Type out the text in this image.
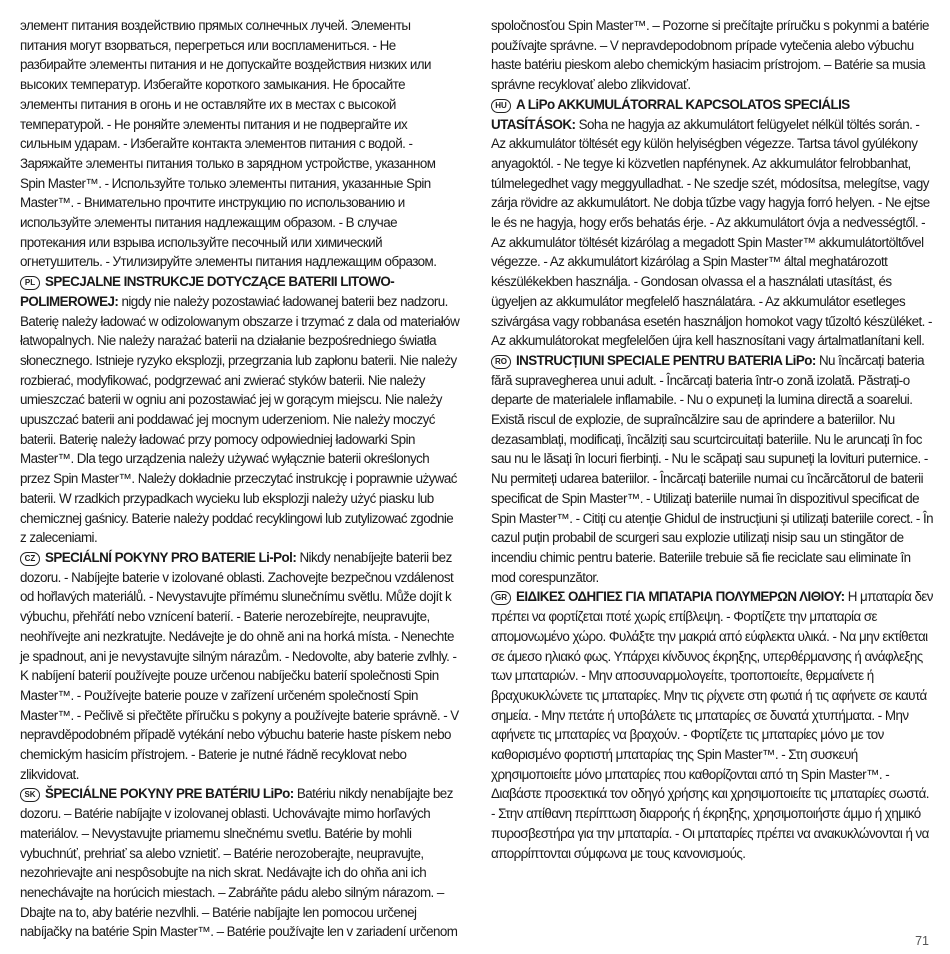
элемент питания воздействию прямых солнечных лучей. Элементы питания могут взорваться, перегреться или воспламениться. - Не разбирайте элементы питания и не допускайте воздействия низких или высоких температур. Избегайте короткого замыкания. Не бросайте элементы питания в огонь и не оставляйте их в местах с высокой температурой. - Не роняйте элементы питания и не подвергайте их сильным ударам. - Избегайте контакта элементов питания с водой. - Заряжайте элементы питания только в зарядном устройстве, указанном Spin Master™. - Используйте только элементы питания, указанные Spin Master™. - Внимательно прочтите инструкцию по использованию и используйте элементы питания надлежащим образом. - В случае протекания или взрыва используйте песочный или химический огнетушитель. - Утилизируйте элементы питания надлежащим образом.

PL SPECJALNE INSTRUKCJE DOTYCZĄCE BATERII LITOWO-POLIMEROWEJ: nigdy nie należy pozostawiać ładowanej baterii bez nadzoru. Baterię należy ładować w odizolowanym obszarze i trzymać z dala od materiałów łatwopalnych. Nie należy narażać baterii na działanie bezpośredniego światła słonecznego. Istnieje ryzyko eksplozji, przegrzania lub zapłonu baterii. Nie należy rozbierać, modyfikować, podgrzewać ani zwierać styków baterii. Nie należy umieszczać baterii w ogniu ani pozostawiać jej w gorącym miejscu. Nie należy upuszczać baterii ani poddawać jej mocnym uderzeniom. Nie należy moczyć baterii. Baterię należy ładować przy pomocy odpowiedniej ładowarki Spin Master™. Dla tego urządzenia należy używać wyłącznie baterii określonych przez Spin Master™. Należy dokładnie przeczytać instrukcję i poprawnie używać baterii. W rzadkich przypadkach wycieku lub eksplozji należy użyć piasku lub chemicznej gaśnicy. Baterie należy poddać recyklingowi lub zutylizować zgodnie z zaleceniami.

CZ SPECIÁLNÍ POKYNY PRO BATERIE Li-Pol: Nikdy nenabíjejte baterii bez dozoru. - Nabíjejte baterie v izolované oblasti. Zachovejte bezpečnou vzdálenost od hořlavých materiálů. - Nevystavujte přímému slunečnímu světlu. Může dojít k výbuchu, přehřátí nebo vznícení baterií. - Baterie nerozebírejte, neupravujte, neohřívejte ani nezkratujte. Nedávejte je do ohně ani na horká místa. - Nenechte je spadnout, ani je nevystavujte silným nárazům. - Nedovolte, aby baterie zvlhly. - K nabíjení baterií používejte pouze určenou nabíječku baterií společnosti Spin Master™. - Používejte baterie pouze v zařízení určeném společností Spin Master™. - Pečlivě si přečtěte příručku s pokyny a používejte baterie správně. - V nepravděpodobném případě vytékání nebo výbuchu baterie haste pískem nebo chemickým hasicím přístrojem. - Baterie je nutné řádně recyklovat nebo zlikvidovat.

SK ŠPECIÁLNE POKYNY PRE BATÉRIU LiPo: Batériu nikdy nenabíjajte bez dozoru. – Batérie nabíjajte v izolovanej oblasti. Uchovávajte mimo horľavých materiálov. – Nevystavujte priamemu slnečnému svetlu. Batérie by mohli vybuchnúť, prehriať sa alebo vznietiť. – Batérie nerozoberajte, neupravujte, nezohrievajte ani nespôsobujte na nich skrat. Nedávajte ich do ohňa ani ich nenechávajte na horúcich miestach. – Zabráňte pádu alebo silným nárazom. – Dbajte na to, aby batérie nezvlhli. – Batérie nabíjajte len pomocou určenej nabíjačky na batérie Spin Master™. – Batérie používajte len v zariadení určenom

spoločnosťou Spin Master™. – Pozorne si prečítajte príručku s pokynmi a batérie používajte správne. – V nepravdepodobnom prípade vytečenia alebo výbuchu haste batériu pieskom alebo chemickým hasiacim prístrojom. – Batérie sa musia správne recyklovať alebo zlikvidovať.

HU A LiPo AKKUMULÁTORRAL KAPCSOLATOS SPECIÁLIS UTASÍTÁSOK: Soha ne hagyja az akkumulátort felügyelet nélkül töltés során. - Az akkumulátor töltését egy külön helyiségben végezze. Tartsa távol gyúlékony anyagoktól. - Ne tegye ki közvetlen napfénynek. Az akkumulátor felrobbanhat, túlmelegedhet vagy meggyulladhat. - Ne szedje szét, módosítsa, melegítse, vagy zárja rövidre az akkumulátort. Ne dobja tűzbe vagy hagyja forró helyen. - Ne ejtse le és ne hagyja, hogy erős behatás érje. - Az akkumulátort óvja a nedvességtől. - Az akkumulátor töltését kizárólag a megadott Spin Master™ akkumulátortöltővel végezze. - Az akkumulátort kizárólag a Spin Master™ által meghatározott készülékekben használja. - Gondosan olvassa el a használati utasítást, és ügyeljen az akkumulátor megfelelő használatára. - Az akkumulátor esetleges szivárgása vagy robbanása esetén használjon homokot vagy tűzoltó készüléket. - Az akkumulátorokat megfelelően újra kell hasznosítani vagy ártalmatlanítani kell.

RO INSTRUCȚIUNI SPECIALE PENTRU BATERIA LiPo: Nu încărcați bateria fără supravegherea unui adult. - Încărcați bateria într-o zonă izolată. Păstrați-o departe de materialele inflamabile. - Nu o expuneți la lumina directă a soarelui. Există riscul de explozie, de supraîncălzire sau de aprindere a bateriilor. Nu dezasamblați, modificați, încălziți sau scurtcircuitați bateriile. Nu le aruncați în foc sau nu le lăsați în locuri fierbinți. - Nu le scăpați sau supuneți la lovituri puternice. - Nu permiteți udarea bateriilor. - Încărcați bateriile numai cu încărcătorul de baterii specificat de Spin Master™. - Utilizați bateriile numai în dispozitivul specificat de Spin Master™. - Citiți cu atenție Ghidul de instrucțiuni și utilizați bateriile corect. - În cazul puțin probabil de scurgeri sau explozie utilizați nisip sau un stingător de incendiu chimic pentru baterie. Bateriile trebuie să fie reciclate sau eliminate în mod corespunzător.

GR ΕΙΔΙΚΕΣ ΟΔΗΓΙΕΣ ΓΙΑ ΜΠΑΤΑΡΙΑ ΠΟΛΥΜΕΡΩΝ ΛΙΘΙΟΥ: Η μπαταρία δεν πρέπει να φορτίζεται ποτέ χωρίς επίβλεψη. - Φορτίζετε την μπαταρία σε απομονωμένο χώρο. Φυλάξτε την μακριά από εύφλεκτα υλικά. - Να μην εκτίθεται σε άμεσο ηλιακό φως. Υπάρχει κίνδυνος έκρηξης, υπερθέρμανσης ή ανάφλεξης των μπαταριών. - Μην αποσυναρμολογείτε, τροποποιείτε, θερμαίνετε ή βραχυκυκλώνετε τις μπαταρίες. Μην τις ρίχνετε στη φωτιά ή τις αφήνετε σε καυτά σημεία. - Μην πετάτε ή υποβάλετε τις μπαταρίες σε δυνατά χτυπήματα. - Μην αφήνετε τις μπαταρίες να βραχούν. - Φορτίζετε τις μπαταρίες μόνο με τον καθορισμένο φορτιστή μπαταρίας της Spin Master™. - Στη συσκευή χρησιμοποιείτε μόνο μπαταρίες που καθορίζονται από τη Spin Master™. - Διαβάστε προσεκτικά τον οδηγό χρήσης και χρησιμοποιείτε τις μπαταρίες σωστά. - Στην απίθανη περίπτωση διαρροής ή έκρηξης, χρησιμοποιήστε άμμο ή χημικό πυροσβεστήρα για την μπαταρία. - Οι μπαταρίες πρέπει να ανακυκλώνονται ή να απορρίπτονται σύμφωνα με τους κανονισμούς.

71
